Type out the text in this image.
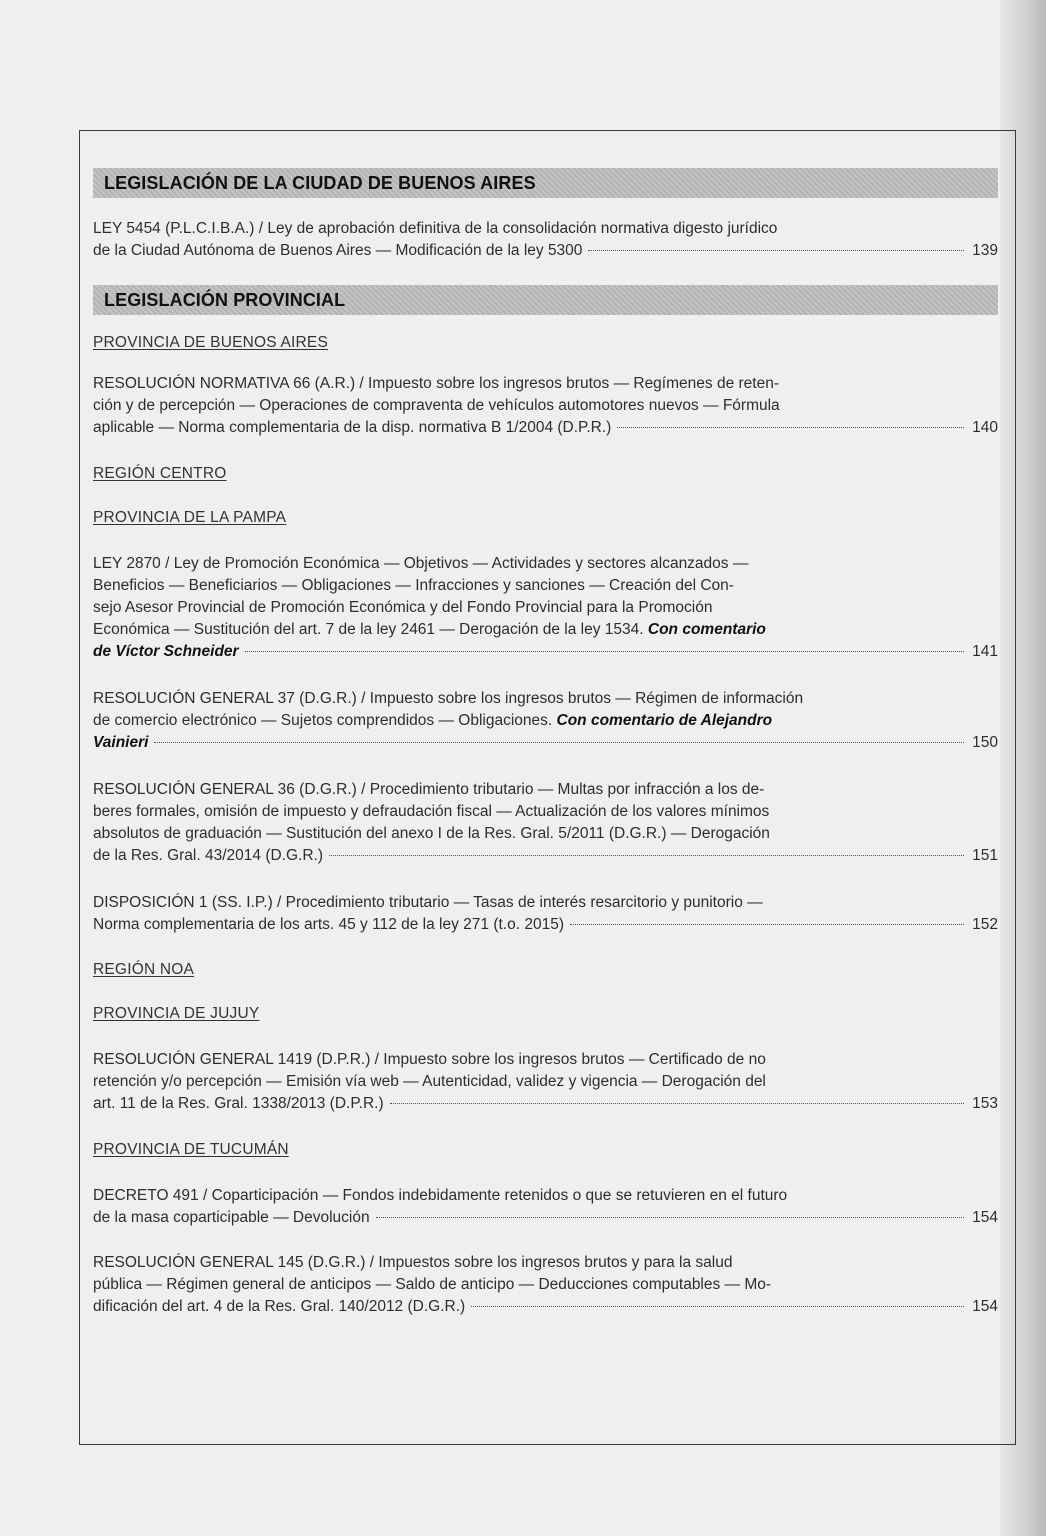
LEGISLACIÓN DE LA CIUDAD DE BUENOS AIRES
LEY 5454 (P.L.C.I.B.A.) / Ley de aprobación definitiva de la consolidación normativa digesto jurídico
de la Ciudad Autónoma de Buenos Aires — Modificación de la ley 5300	139
LEGISLACIÓN PROVINCIAL
PROVINCIA DE BUENOS AIRES
RESOLUCIÓN NORMATIVA 66 (A.R.) / Impuesto sobre los ingresos brutos — Regímenes de reten-
ción y de percepción — Operaciones de compraventa de vehículos automotores nuevos — Fórmula
aplicable — Norma complementaria de la disp. normativa B 1/2004 (D.P.R.)	140
REGIÓN CENTRO
PROVINCIA DE LA PAMPA
LEY 2870 / Ley de Promoción Económica — Objetivos — Actividades y sectores alcanzados —
Beneficios — Beneficiarios — Obligaciones — Infracciones y sanciones — Creación del Con-
sejo Asesor Provincial de Promoción Económica y del Fondo Provincial para la Promoción
Económica — Sustitución del art. 7 de la ley 2461 — Derogación de la ley 1534. Con comentario
de Víctor Schneider	141
RESOLUCIÓN GENERAL 37 (D.G.R.) / Impuesto sobre los ingresos brutos — Régimen de información
de comercio electrónico — Sujetos comprendidos — Obligaciones. Con comentario de Alejandro
Vainieri	150
RESOLUCIÓN GENERAL 36 (D.G.R.) / Procedimiento tributario — Multas por infracción a los de-
beres formales, omisión de impuesto y defraudación fiscal — Actualización de los valores mínimos
absolutos de graduación — Sustitución del anexo I de la Res. Gral. 5/2011 (D.G.R.) — Derogación
de la Res. Gral. 43/2014 (D.G.R.)	151
DISPOSICIÓN 1 (SS. I.P.) / Procedimiento tributario — Tasas de interés resarcitorio y punitorio —
Norma complementaria de los arts. 45 y 112 de la ley 271 (t.o. 2015)	152
REGIÓN NOA
PROVINCIA DE JUJUY
RESOLUCIÓN GENERAL 1419 (D.P.R.) / Impuesto sobre los ingresos brutos — Certificado de no
retención y/o percepción — Emisión vía web — Autenticidad, validez y vigencia — Derogación del
art. 11 de la Res. Gral. 1338/2013 (D.P.R.)	153
PROVINCIA DE TUCUMÁN
DECRETO 491 / Coparticipación — Fondos indebidamente retenidos o que se retuvieren en el futuro
de la masa coparticipable — Devolución	154
RESOLUCIÓN GENERAL 145 (D.G.R.) / Impuestos sobre los ingresos brutos y para la salud
pública — Régimen general de anticipos — Saldo de anticipo — Deducciones computables — Mo-
dificación del art. 4 de la Res. Gral. 140/2012 (D.G.R.)	154
